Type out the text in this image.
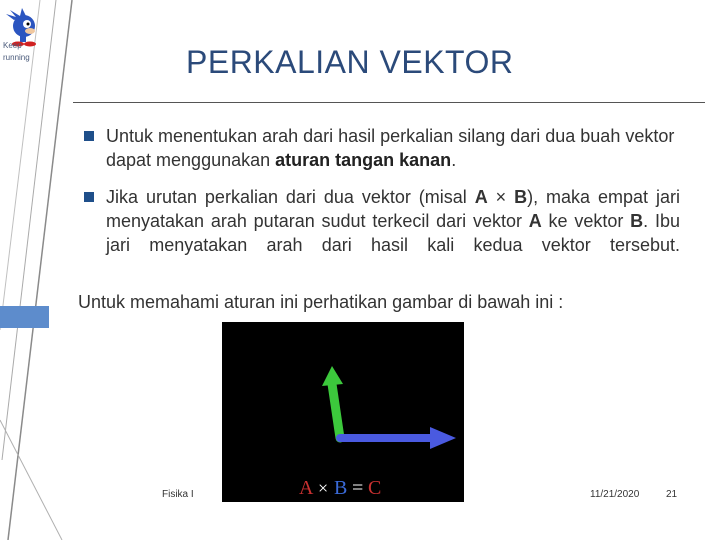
Keep
running	PERKALIAN VEKTOR
Untuk menentukan arah dari hasil perkalian silang dari dua buah vektor dapat menggunakan aturan tangan kanan.
Jika urutan perkalian dari dua vektor (misal A × B), maka empat jari menyatakan arah putaran sudut terkecil dari vektor A ke vektor B. Ibu jari menyatakan arah dari hasil kali kedua vektor tersebut.
Untuk memahami aturan ini perhatikan gambar di bawah ini :
A × B = C
Fisika I	11/21/2020	21
